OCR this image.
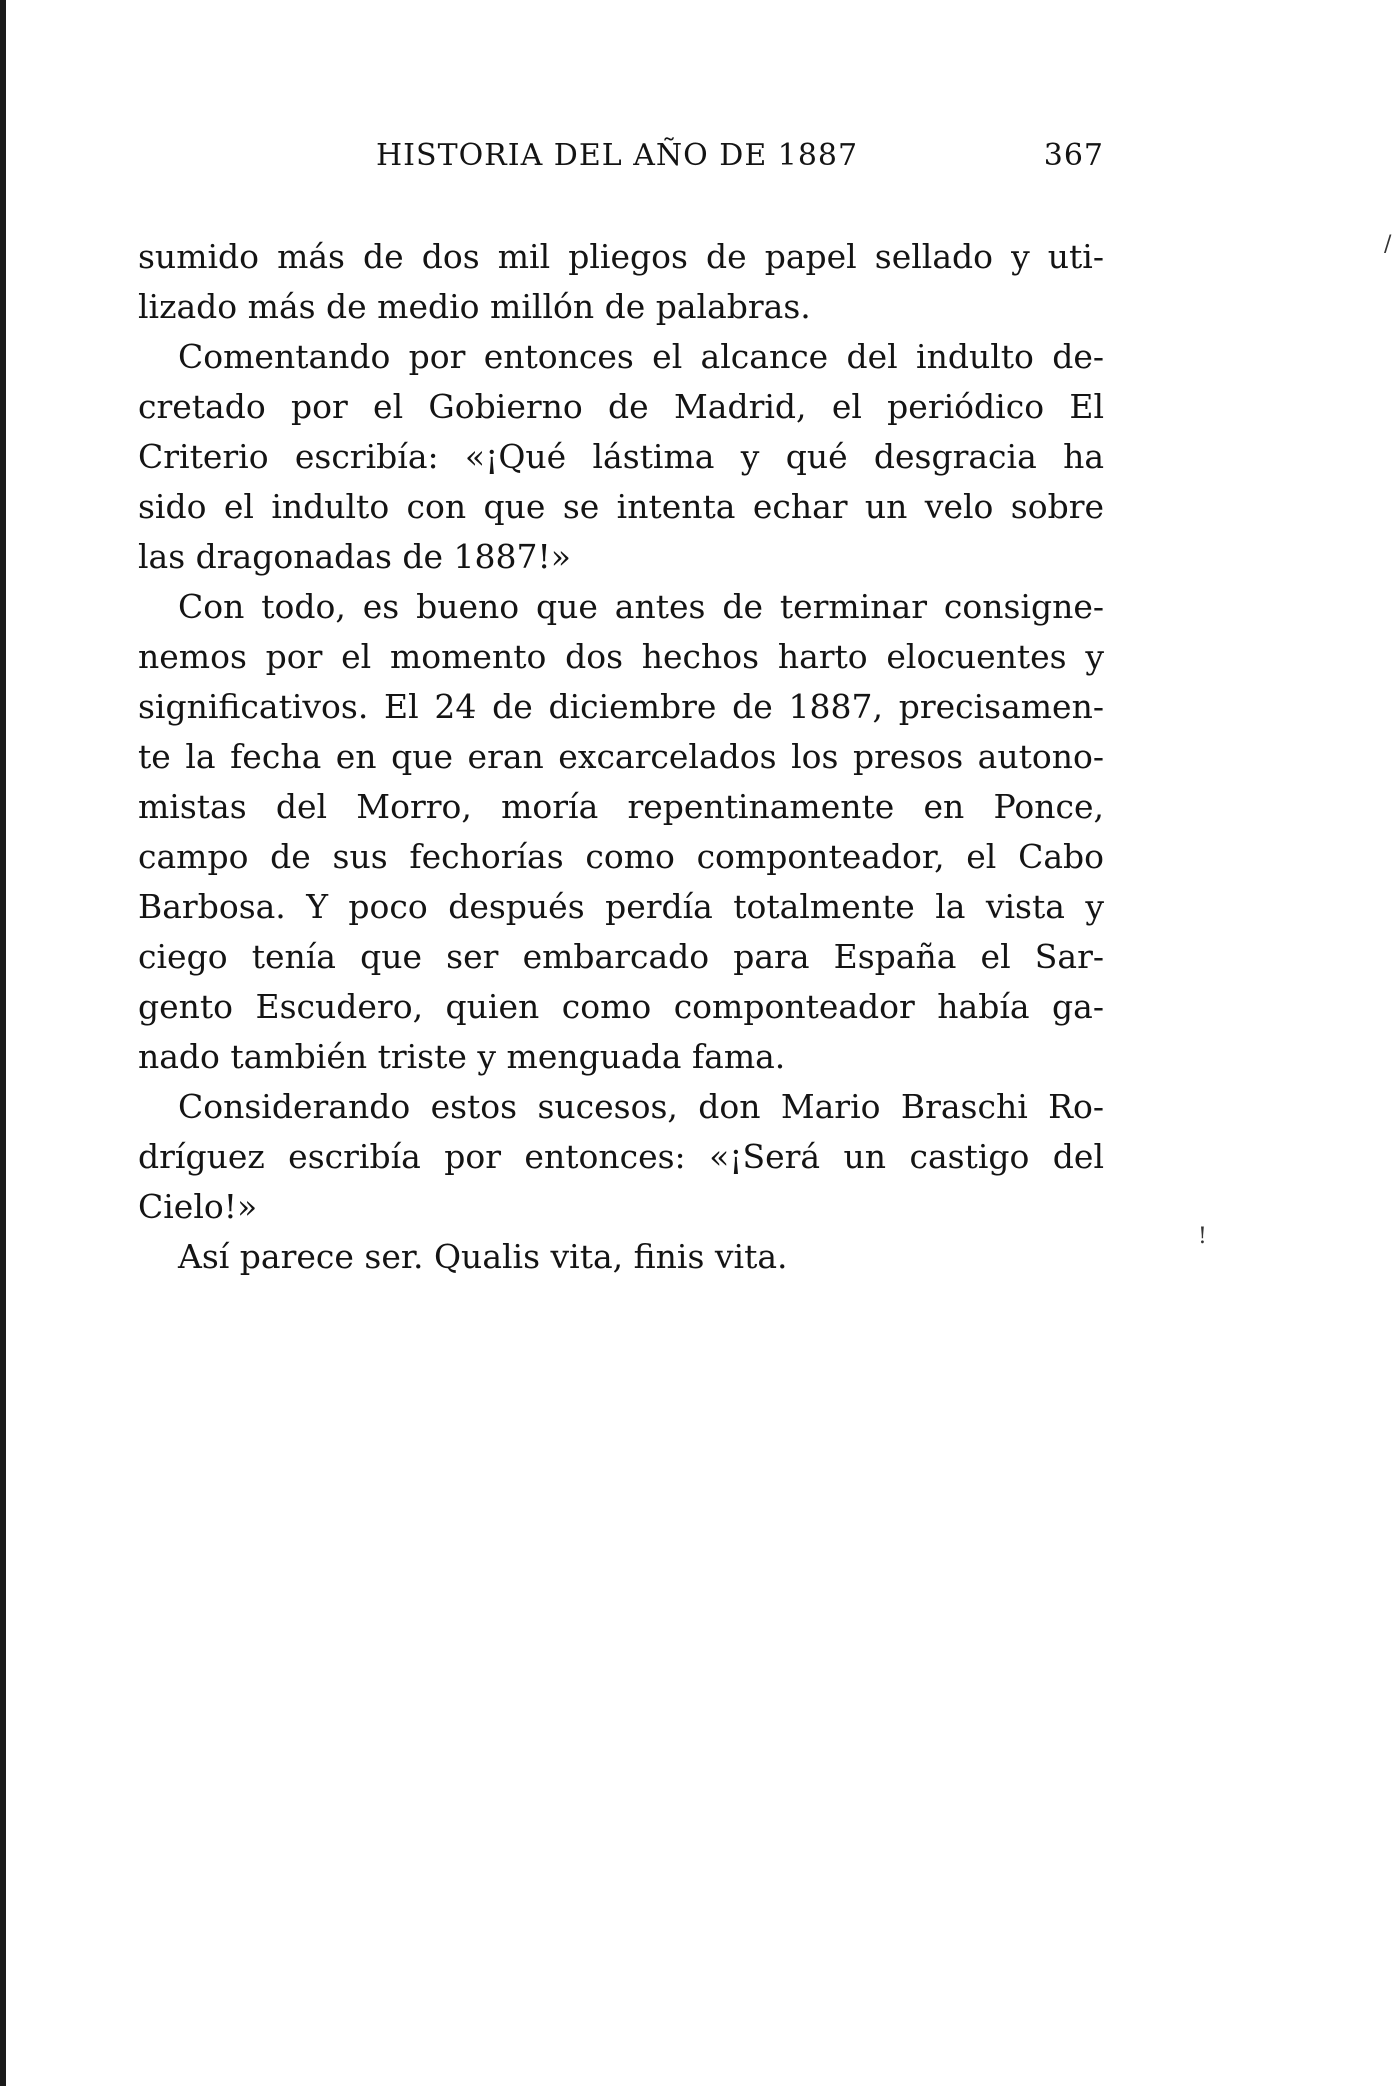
HISTORIA DEL AÑO DE 1887	367
/
!
sumido más de dos mil pliegos de papel sellado y uti-
lizado más de medio millón de palabras.
Comentando por entonces el alcance del indulto de-
cretado por el Gobierno de Madrid, el periódico El
Criterio escribía: «¡Qué lástima y qué desgracia ha
sido el indulto con que se intenta echar un velo sobre
las dragonadas de 1887!»
Con todo, es bueno que antes de terminar consigne-
nemos por el momento dos hechos harto elocuentes y
significativos. El 24 de diciembre de 1887, precisamen-
te la fecha en que eran excarcelados los presos autono-
mistas del Morro, moría repentinamente en Ponce,
campo de sus fechorías como componteador, el Cabo
Barbosa. Y poco después perdía totalmente la vista y
ciego tenía que ser embarcado para España el Sar-
gento Escudero, quien como componteador había ga-
nado también triste y menguada fama.
Considerando estos sucesos, don Mario Braschi Ro-
dríguez escribía por entonces: «¡Será un castigo del
Cielo!»
Así parece ser. Qualis vita, finis vita.
